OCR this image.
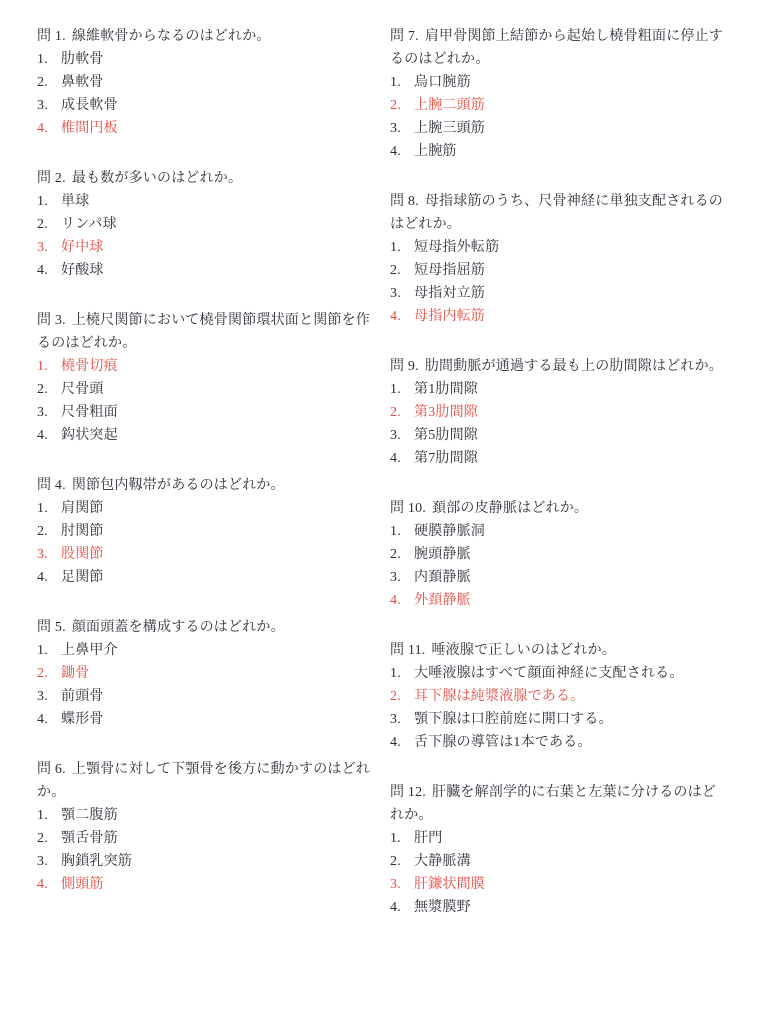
問 1. 線維軟骨からなるのはどれか。

1. 肋軟骨

2. 鼻軟骨

3. 成長軟骨

4. 椎間円板

問 2. 最も数が多いのはどれか。

1. 単球

2. リンパ球

3. 好中球

4. 好酸球

問 3. 上橈尺関節において橈骨関節環状面と関節を作るのはどれか。

1. 橈骨切痕

2. 尺骨頭

3. 尺骨粗面

4. 鈎状突起

問 4. 関節包内靱帯があるのはどれか。

1. 肩関節

2. 肘関節

3. 股関節

4. 足関節

問 5. 顔面頭蓋を構成するのはどれか。

1. 上鼻甲介

2. 鋤骨

3. 前頭骨

4. 蝶形骨

問 6. 上顎骨に対して下顎骨を後方に動かすのはどれか。

1. 顎二腹筋

2. 顎舌骨筋

3. 胸鎖乳突筋

4. 側頭筋

問 7. 肩甲骨関節上結節から起始し橈骨粗面に停止するのはどれか。

1. 烏口腕筋

2. 上腕二頭筋

3. 上腕三頭筋

4. 上腕筋

問 8. 母指球筋のうち、尺骨神経に単独支配されるのはどれか。

1. 短母指外転筋

2. 短母指屈筋

3. 母指対立筋

4. 母指内転筋

問 9. 肋間動脈が通過する最も上の肋間隙はどれか。

1. 第1肋間隙

2. 第3肋間隙

3. 第5肋間隙

4. 第7肋間隙

問 10. 頚部の皮静脈はどれか。

1. 硬膜静脈洞

2. 腕頭静脈

3. 内頚静脈

4. 外頚静脈

問 11. 唾液腺で正しいのはどれか。

1. 大唾液腺はすべて顔面神経に支配される。

2. 耳下腺は純漿液腺である。

3. 顎下腺は口腔前庭に開口する。

4. 舌下腺の導管は1本である。

問 12. 肝臓を解剖学的に右葉と左葉に分けるのはどれか。

1. 肝門

2. 大静脈溝

3. 肝鎌状間膜

4. 無漿膜野
